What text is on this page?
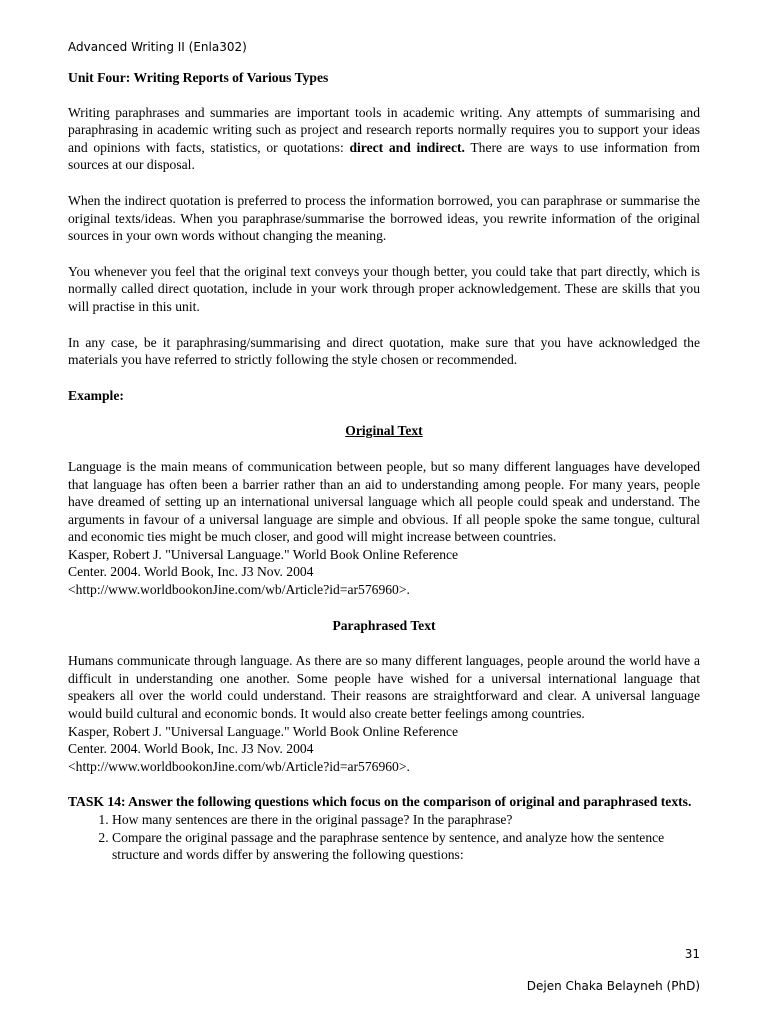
Advanced Writing II (Enla302)

Unit Four: Writing Reports of Various Types

Writing paraphrases and summaries are important tools in academic writing. Any attempts of summarising and paraphrasing in academic writing such as project and research reports normally requires you to support your ideas and opinions with facts, statistics, or quotations: direct and indirect. There are ways to use information from sources at our disposal.

When the indirect quotation is preferred to process the information borrowed, you can paraphrase or summarise the original texts/ideas. When you paraphrase/summarise the borrowed ideas, you rewrite information of the original sources in your own words without changing the meaning.

You whenever you feel that the original text conveys your though better, you could take that part directly, which is normally called direct quotation, include in your work through proper acknowledgement. These are skills that you will practise in this unit.

In any case, be it paraphrasing/summarising and direct quotation, make sure that you have acknowledged the materials you have referred to strictly following the style chosen or recommended.

Example:

Original Text

Language is the main means of communication between people, but so many different languages have developed that language has often been a barrier rather than an aid to understanding among people. For many years, people have dreamed of setting up an international universal language which all people could speak and understand. The arguments in favour of a universal language are simple and obvious. If all people spoke the same tongue, cultural and economic ties might be much closer, and good will might increase between countries.

Kasper, Robert J. "Universal Language." World Book Online Reference
Center. 2004. World Book, Inc. J3 Nov. 2004
<http://www.worldbookonJine.com/wb/Article?id=ar576960>.

Paraphrased Text

Humans communicate through language. As there are so many different languages, people around the world have a difficult in understanding one another. Some people have wished for a universal international language that speakers all over the world could understand. Their reasons are straightforward and clear. A universal language would build cultural and economic bonds. It would also create better feelings among countries.

Kasper, Robert J. "Universal Language." World Book Online Reference
Center. 2004. World Book, Inc. J3 Nov. 2004
<http://www.worldbookonJine.com/wb/Article?id=ar576960>.

TASK 14: Answer the following questions which focus on the comparison of original and paraphrased texts.

1. How many sentences are there in the original passage? In the paraphrase?
2. Compare the original passage and the paraphrase sentence by sentence, and analyze how the sentence structure and words differ by answering the following questions:
31
Dejen Chaka Belayneh (PhD)
